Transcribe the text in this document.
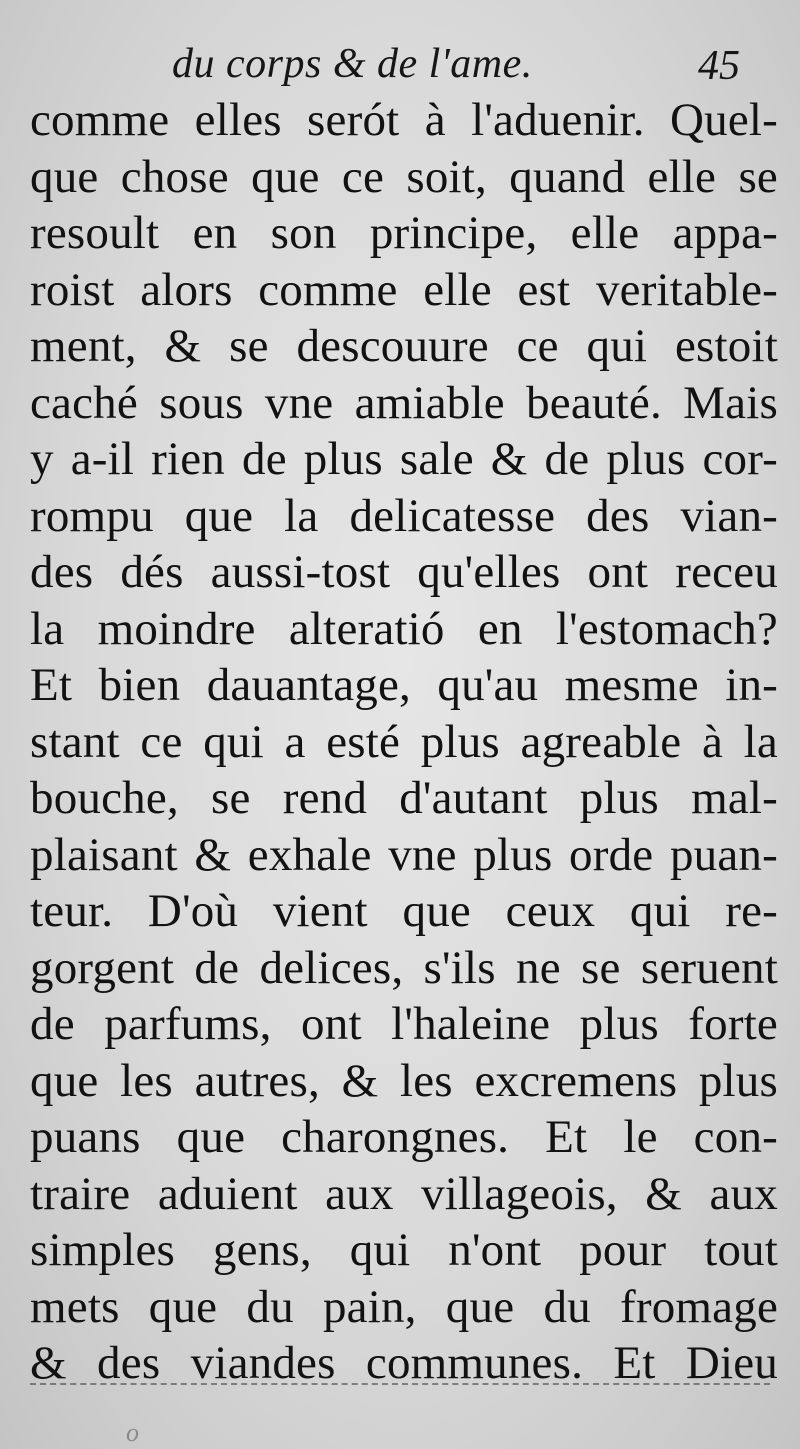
du corps & de l'ame.	45
comme elles serót à l'aduenir. Quel-
que chose que ce soit, quand elle se
resoult en son principe, elle appa-
roist alors comme elle est veritable-
ment, & se descouure ce qui estoit
caché sous vne amiable beauté. Mais
y a-il rien de plus sale & de plus cor-
rompu que la delicatesse des vian-
des dés aussi-tost qu'elles ont receu
la moindre alteratió en l'estomach?
Et bien dauantage, qu'au mesme in-
stant ce qui a esté plus agreable à la
bouche, se rend d'autant plus mal-
plaisant & exhale vne plus orde puan-
teur. D'où vient que ceux qui re-
gorgent de delices, s'ils ne se seruent
de parfums, ont l'haleine plus forte
que les autres, & les excremens plus
puans que charongnes. Et le con-
traire aduient aux villageois, & aux
simples gens, qui n'ont pour tout
mets que du pain, que du fromage
& des viandes communes. Et Dieu
o
